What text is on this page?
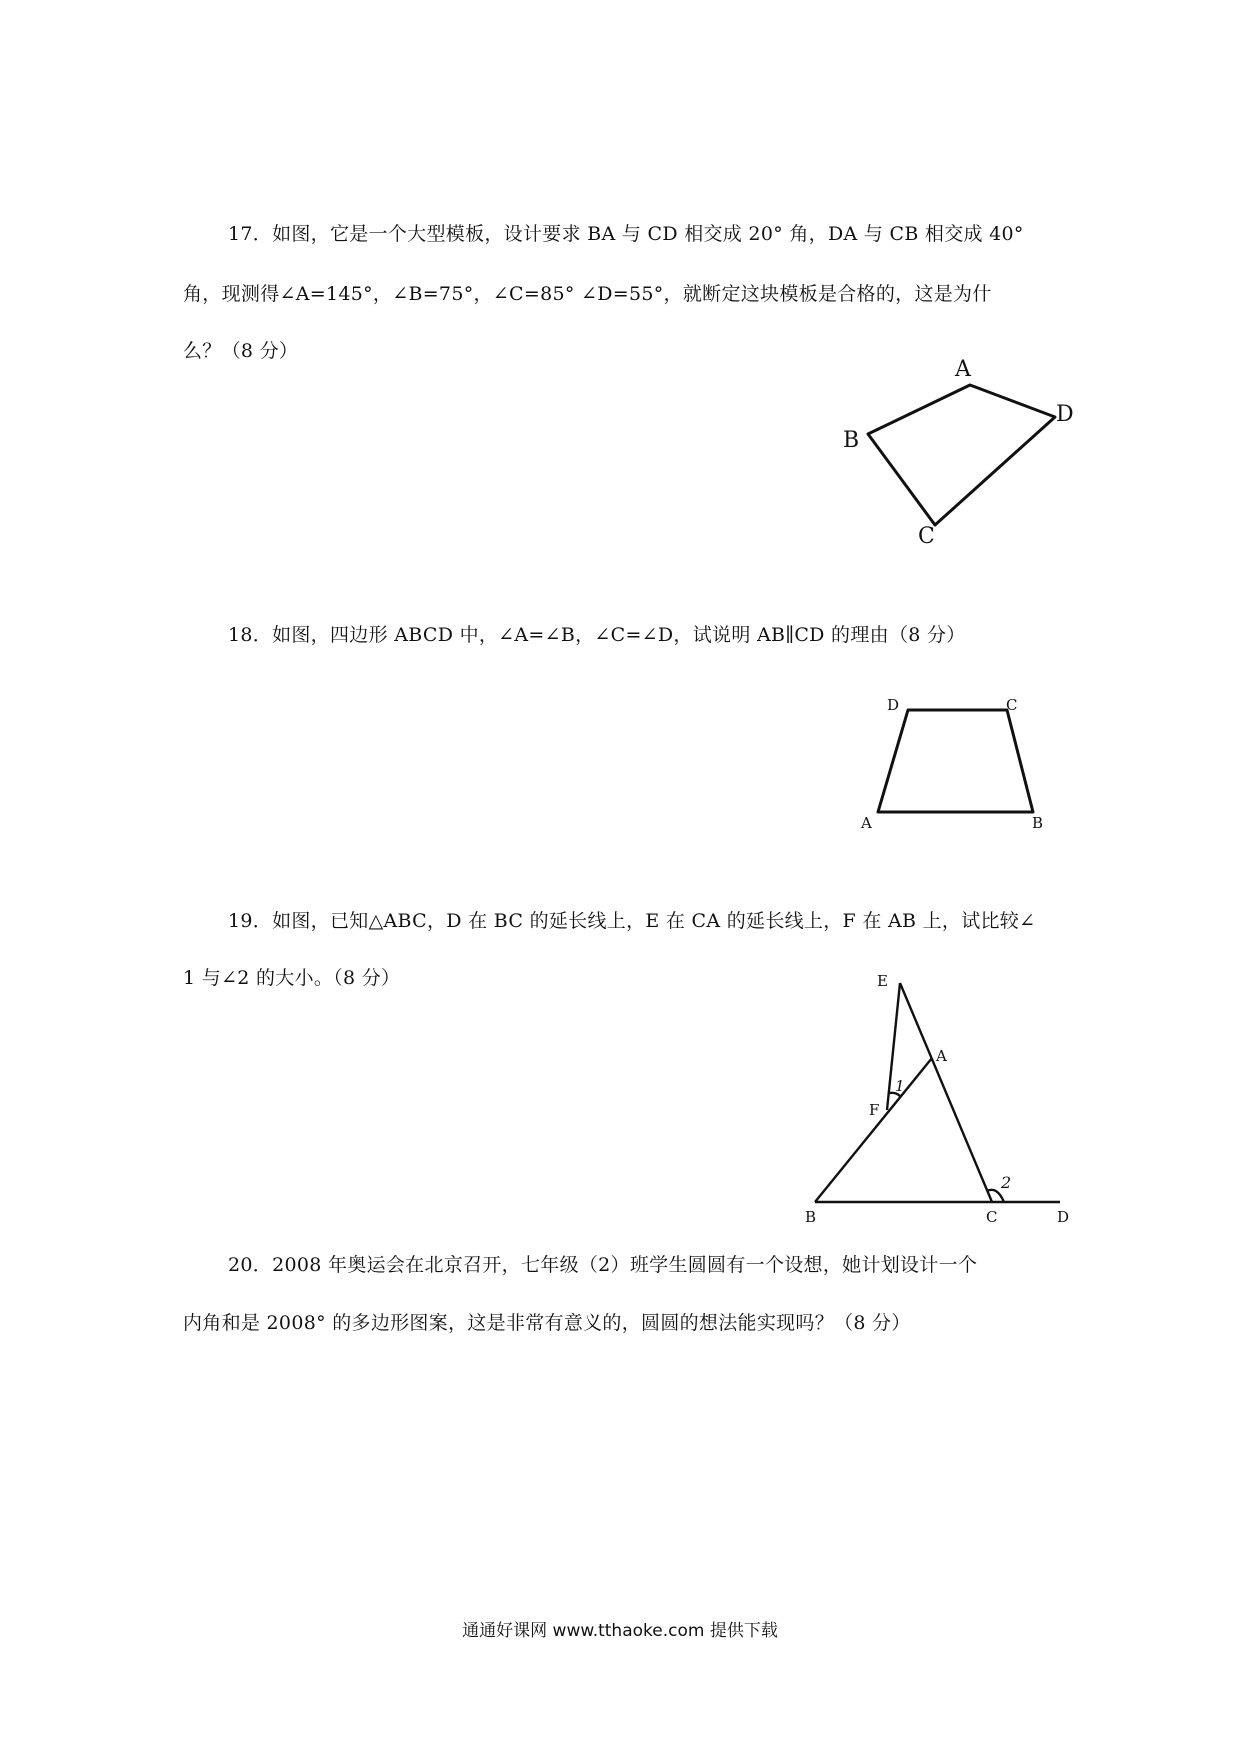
17．如图，它是一个大型模板，设计要求 BA 与 CD 相交成 20° 角，DA 与 CB 相交成 40°
角，现测得∠A=145°，∠B=75°，∠C=85° ∠D=55°，就断定这块模板是合格的，这是为什
么？（8 分）
A
D
B
C
18．如图，四边形 ABCD 中，∠A=∠B，∠C=∠D，试说明 AB∥CD 的理由（8 分）
D	C
A	B
19．如图，已知△ABC，D 在 BC 的延长线上，E 在 CA 的延长线上，F 在 AB 上，试比较∠
1 与∠2 的大小。（8 分）	E
A
1
F
2
B	C	D
20．2008 年奥运会在北京召开，七年级（2）班学生圆圆有一个设想，她计划设计一个
内角和是 2008° 的多边形图案，这是非常有意义的，圆圆的想法能实现吗？（8 分）
通通好课网 www.tthaoke.com 提供下载
